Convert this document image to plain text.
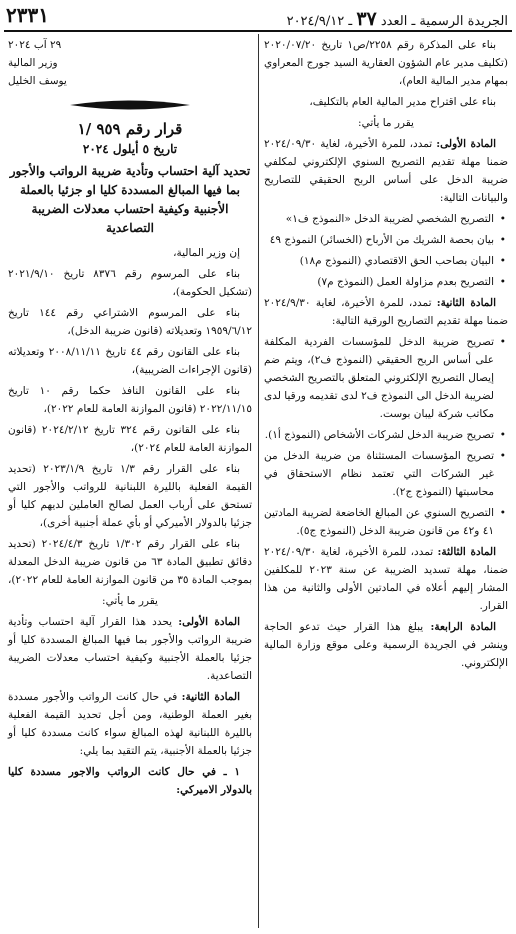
الجريدة الرسمية ـ العدد ٣٧ ـ ٢٠٢٤/٩/١٢
٢٣٣١

بناء على المذكرة رقم ٢٢٥٨/ص١ تاريخ ٢٠٢٠/٠٧/٢٠ (تكليف مدير عام الشؤون العقارية السيد جورج المعراوي بمهام مدير المالية العام)،

بناء على اقتراح مدير المالية العام بالتكليف،

يقرر ما يأتي:

المادة الأولى: تمدد، للمرة الأخيرة، لغاية ٢٠٢٤/٠٩/٣٠ ضمنا مهلة تقديم التصريح السنوي الإلكتروني لمكلفي ضريبة الدخل على أساس الربح الحقيقي للتصاريح والبيانات التالية:

• التصريح الشخصي لضريبة الدخل «النموذج ف١»
• بيان بحصة الشريك من الأرباح (الخسائر) النموذج ٤٩
• البيان بصاحب الحق الاقتصادي (النموذج م١٨)
• التصريح بعدم مزاولة العمل (النموذج م٧)

المادة الثانية: تمدد، للمرة الأخيرة، لغاية ٢٠٢٤/٩/٣٠ ضمنا مهلة تقديم التصاريح الورقية التالية:

• تصريح ضريبة الدخل للمؤسسات الفردية المكلفة على أساس الربح الحقيقي (النموذج ف٢)، ويتم ضم إيصال التصريح الإلكتروني المتعلق بالتصريح الشخصي لضريبة الدخل الى النموذج ف٢ لدى تقديمه ورقيا لدى مكاتب شركة ليبان بوست.
• تصريح ضريبة الدخل لشركات الأشخاص (النموذج أ١).
• تصريح المؤسسات المستثناة من ضريبة الدخل من غير الشركات التي تعتمد نظام الاستحقاق في محاسبتها (النموذج ج٢).
• التصريح السنوي عن المبالغ الخاضعة لضريبة المادتين ٤١ و٤٢ من قانون ضريبة الدخل (النموذج ج٥).

المادة الثالثة: تمدد، للمرة الأخيرة، لغاية ٢٠٢٤/٠٩/٣٠ ضمنا، مهلة تسديد الضريبة عن سنة ٢٠٢٣ للمكلفين المشار إليهم أعلاه في المادتين الأولى والثانية من هذا القرار.

المادة الرابعة: يبلغ هذا القرار حيث تدعو الحاجة وينشر في الجريدة الرسمية وعلى موقع وزارة المالية الإلكتروني.

٢٩ آب ٢٠٢٤

وزير المالية

يوسف الخليل

قرار رقم ٩٥٩ /١
تاريخ ٥ أيلول ٢٠٢٤
تحديد آلية احتساب وتأدية ضريبة الرواتب والأجور بما فيها المبالغ المسددة كليا او جزئيا بالعملة الأجنبية وكيفية احتساب معدلات الضريبة التصاعدية

إن وزير المالية،

بناء على المرسوم رقم ٨٣٧٦ تاريخ ٢٠٢١/٩/١٠ (تشكيل الحكومة)،

بناء على المرسوم الاشتراعي رقم ١٤٤ تاريخ ١٩٥٩/٦/١٢ وتعديلاته (قانون ضريبة الدخل)،

بناء على القانون رقم ٤٤ تاريخ ٢٠٠٨/١١/١١ وتعديلاته (قانون الإجراءات الضريبية)،

بناء على القانون النافذ حكما رقم ١٠ تاريخ ٢٠٢٢/١١/١٥ (قانون الموازنة العامة للعام ٢٠٢٢)،

بناء على القانون رقم ٣٢٤ تاريخ ٢٠٢٤/٢/١٢ (قانون الموازنة العامة للعام ٢٠٢٤)،

بناء على القرار رقم ١/٣ تاريخ ٢٠٢٣/١/٩ (تحديد القيمة الفعلية بالليرة اللبنانية للرواتب والأجور التي تستحق على أرباب العمل لصالح العاملين لديهم كليا أو جزئيا بالدولار الأميركي أو بأي عملة أجنبية أخرى)،

بناء على القرار رقم ١/٣٠٢ تاريخ ٢٠٢٤/٤/٣ (تحديد دقائق تطبيق المادة ٦٣ من قانون ضريبة الدخل المعدلة بموجب المادة ٣٥ من قانون الموازنة العامة للعام ٢٠٢٢)،

يقرر ما يأتي:

المادة الأولى: يحدد هذا القرار آلية احتساب وتأدية ضريبة الرواتب والأجور بما فيها المبالغ المسددة كليا أو جزئيا بالعملة الأجنبية وكيفية احتساب معدلات الضريبة التصاعدية.

المادة الثانية: في حال كانت الرواتب والأجور مسددة بغير العملة الوطنية، ومن أجل تحديد القيمة الفعلية بالليرة اللبنانية لهذه المبالغ سواء كانت مسددة كليا أو جزئيا بالعملة الأجنبية، يتم التقيد بما يلي:

١ ـ في حال كانت الرواتب والاجور مسددة كليا بالدولار الاميركي:
